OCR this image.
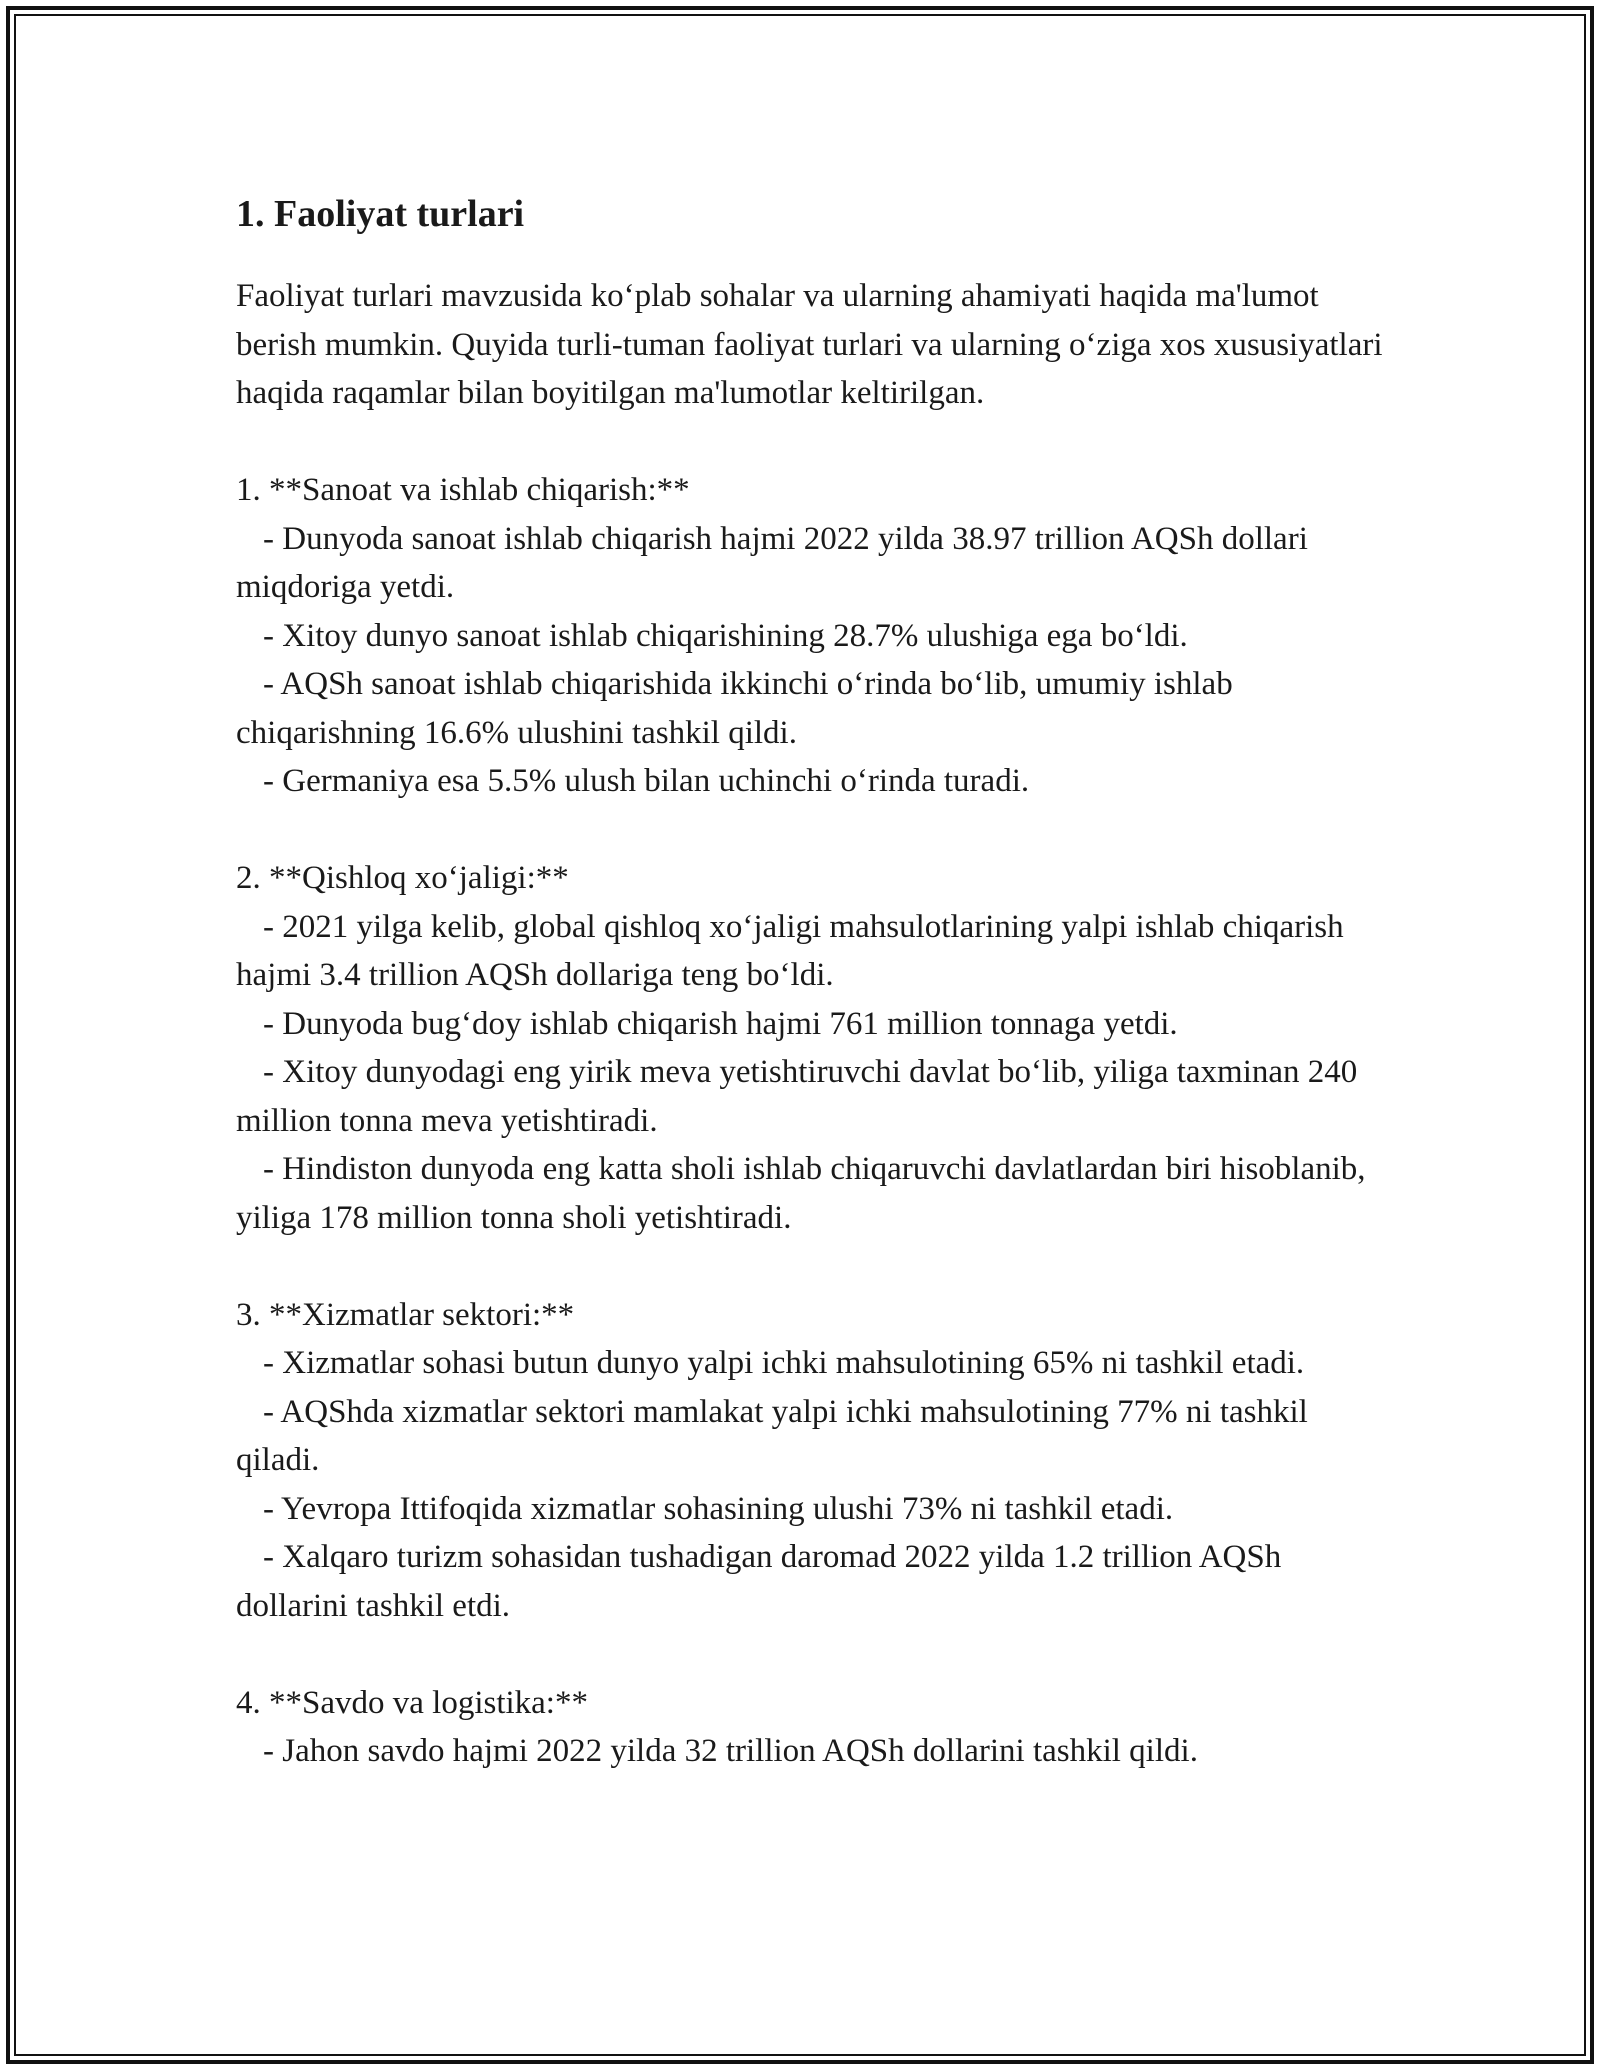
1. Faoliyat turlari

Faoliyat turlari mavzusida ko‘plab sohalar va ularning ahamiyati haqida ma'lumot berish mumkin. Quyida turli-tuman faoliyat turlari va ularning o‘ziga xos xususiyatlari haqida raqamlar bilan boyitilgan ma'lumotlar keltirilgan.

1. **Sanoat va ishlab chiqarish:**
- Dunyoda sanoat ishlab chiqarish hajmi 2022 yilda 38.97 trillion AQSh dollari miqdoriga yetdi.
- Xitoy dunyo sanoat ishlab chiqarishining 28.7% ulushiga ega bo‘ldi.
- AQSh sanoat ishlab chiqarishida ikkinchi o‘rinda bo‘lib, umumiy ishlab chiqarishning 16.6% ulushini tashkil qildi.
- Germaniya esa 5.5% ulush bilan uchinchi o‘rinda turadi.
2. **Qishloq xo‘jaligi:**
- 2021 yilga kelib, global qishloq xo‘jaligi mahsulotlarining yalpi ishlab chiqarish hajmi 3.4 trillion AQSh dollariga teng bo‘ldi.
- Dunyoda bug‘doy ishlab chiqarish hajmi 761 million tonnaga yetdi.
- Xitoy dunyodagi eng yirik meva yetishtiruvchi davlat bo‘lib, yiliga taxminan 240 million tonna meva yetishtiradi.
- Hindiston dunyoda eng katta sholi ishlab chiqaruvchi davlatlardan biri hisoblanib, yiliga 178 million tonna sholi yetishtiradi.
3. **Xizmatlar sektori:**
- Xizmatlar sohasi butun dunyo yalpi ichki mahsulotining 65% ni tashkil etadi.
- AQShda xizmatlar sektori mamlakat yalpi ichki mahsulotining 77% ni tashkil qiladi.
- Yevropa Ittifoqida xizmatlar sohasining ulushi 73% ni tashkil etadi.
- Xalqaro turizm sohasidan tushadigan daromad 2022 yilda 1.2 trillion AQSh dollarini tashkil etdi.
4. **Savdo va logistika:**
- Jahon savdo hajmi 2022 yilda 32 trillion AQSh dollarini tashkil qildi.
